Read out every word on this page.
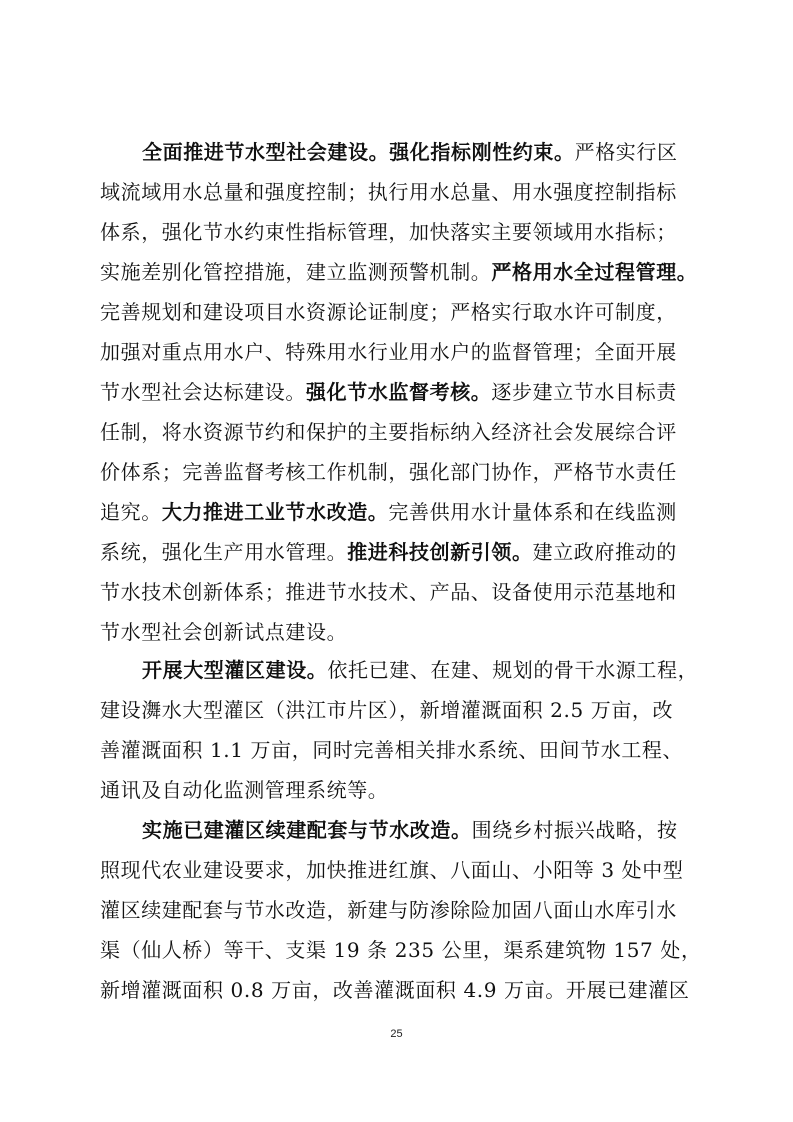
全面推进节水型社会建设。强化指标刚性约束。严格实行区
域流域用水总量和强度控制；执行用水总量、用水强度控制指标
体系，强化节水约束性指标管理，加快落实主要领域用水指标；
实施差别化管控措施，建立监测预警机制。严格用水全过程管理。
完善规划和建设项目水资源论证制度；严格实行取水许可制度，
加强对重点用水户、特殊用水行业用水户的监督管理；全面开展
节水型社会达标建设。强化节水监督考核。逐步建立节水目标责
任制，将水资源节约和保护的主要指标纳入经济社会发展综合评
价体系；完善监督考核工作机制，强化部门协作，严格节水责任
追究。大力推进工业节水改造。完善供用水计量体系和在线监测
系统，强化生产用水管理。推进科技创新引领。建立政府推动的
节水技术创新体系；推进节水技术、产品、设备使用示范基地和
节水型社会创新试点建设。
开展大型灌区建设。依托已建、在建、规划的骨干水源工程，
建设㵲水大型灌区（洪江市片区），新增灌溉面积 2.5 万亩，改
善灌溉面积 1.1 万亩，同时完善相关排水系统、田间节水工程、
通讯及自动化监测管理系统等。
实施已建灌区续建配套与节水改造。围绕乡村振兴战略，按
照现代农业建设要求，加快推进红旗、八面山、小阳等 3 处中型
灌区续建配套与节水改造，新建与防渗除险加固八面山水库引水
渠（仙人桥）等干、支渠 19 条 235 公里，渠系建筑物 157 处，
新增灌溉面积 0.8 万亩，改善灌溉面积 4.9 万亩。开展已建灌区
25
